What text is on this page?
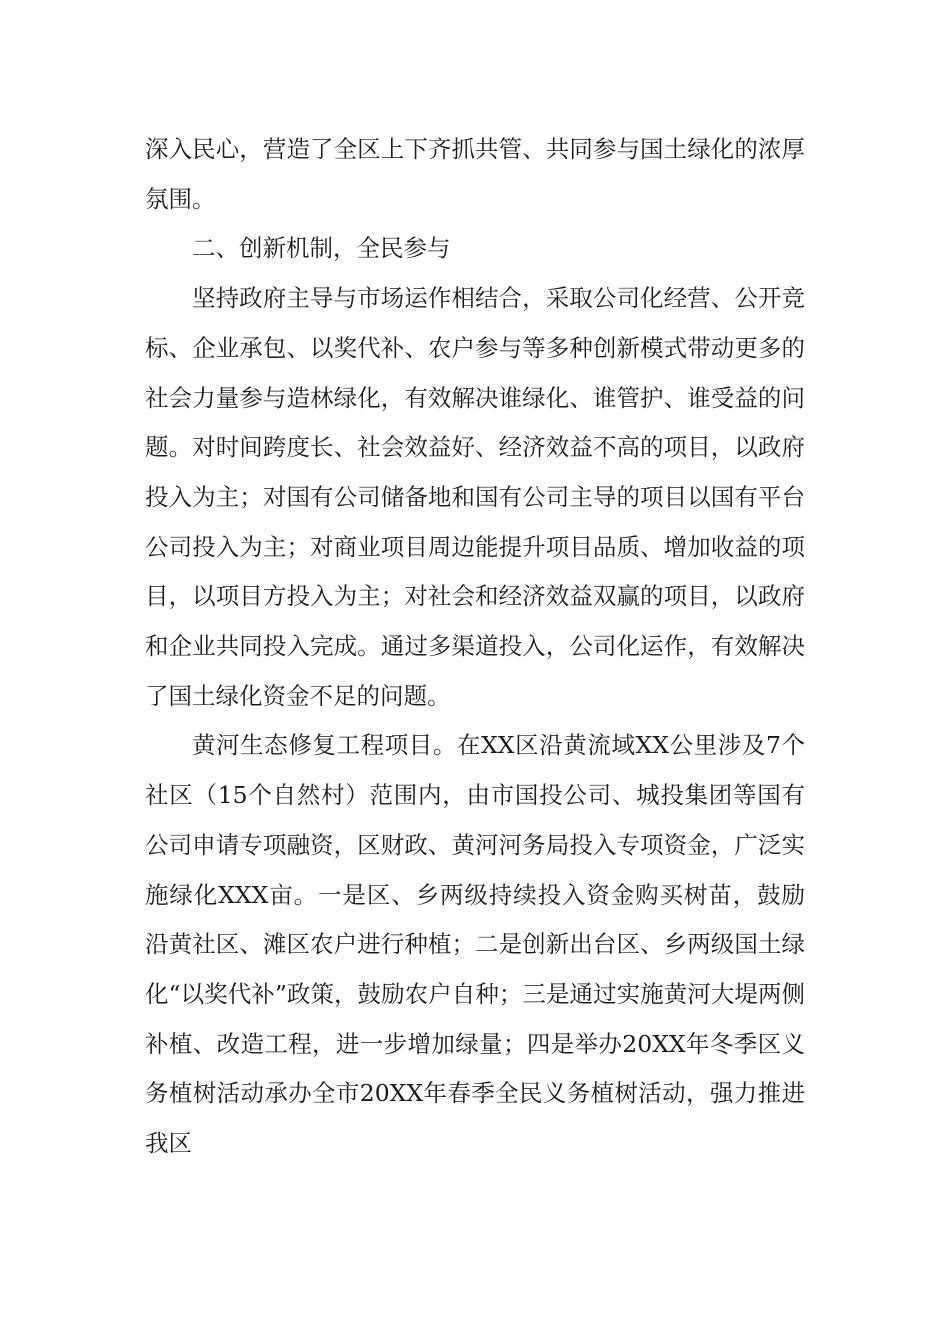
深入民心，营造了全区上下齐抓共管、共同参与国土绿化的浓厚氛围。

二、创新机制，全民参与

坚持政府主导与市场运作相结合，采取公司化经营、公开竞标、企业承包、以奖代补、农户参与等多种创新模式带动更多的社会力量参与造林绿化，有效解决谁绿化、谁管护、谁受益的问题。对时间跨度长、社会效益好、经济效益不高的项目，以政府投入为主；对国有公司储备地和国有公司主导的项目以国有平台公司投入为主；对商业项目周边能提升项目品质、增加收益的项目，以项目方投入为主；对社会和经济效益双赢的项目，以政府和企业共同投入完成。通过多渠道投入，公司化运作，有效解决了国土绿化资金不足的问题。

黄河生态修复工程项目。在XX区沿黄流域XX公里涉及7个社区（15个自然村）范围内，由市国投公司、城投集团等国有公司申请专项融资，区财政、黄河河务局投入专项资金，广泛实施绿化XXX亩。一是区、乡两级持续投入资金购买树苗，鼓励沿黄社区、滩区农户进行种植；二是创新出台区、乡两级国土绿化“以奖代补”政策，鼓励农户自种；三是通过实施黄河大堤两侧补植、改造工程，进一步增加绿量；四是举办20XX年冬季区义务植树活动承办全市20XX年春季全民义务植树活动，强力推进我区
